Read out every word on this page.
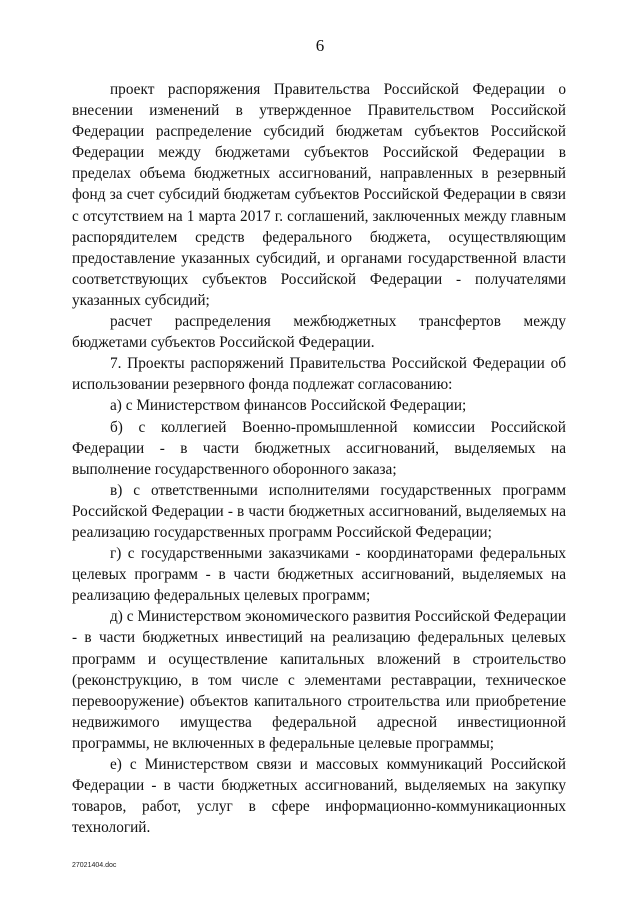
6

проект распоряжения Правительства Российской Федерации о внесении изменений в утвержденное Правительством Российской Федерации распределение субсидий бюджетам субъектов Российской Федерации между бюджетами субъектов Российской Федерации в пределах объема бюджетных ассигнований, направленных в резервный фонд за счет субсидий бюджетам субъектов Российской Федерации в связи с отсутствием на 1 марта 2017 г. соглашений, заключенных между главным распорядителем средств федерального бюджета, осуществляющим предоставление указанных субсидий, и органами государственной власти соответствующих субъектов Российской Федерации - получателями указанных субсидий;

расчет распределения межбюджетных трансфертов между бюджетами субъектов Российской Федерации.

7. Проекты распоряжений Правительства Российской Федерации об использовании резервного фонда подлежат согласованию:

а) с Министерством финансов Российской Федерации;

б) с коллегией Военно-промышленной комиссии Российской Федерации - в части бюджетных ассигнований, выделяемых на выполнение государственного оборонного заказа;

в) с ответственными исполнителями государственных программ Российской Федерации - в части бюджетных ассигнований, выделяемых на реализацию государственных программ Российской Федерации;

г) с государственными заказчиками - координаторами федеральных целевых программ - в части бюджетных ассигнований, выделяемых на реализацию федеральных целевых программ;

д) с Министерством экономического развития Российской Федерации - в части бюджетных инвестиций на реализацию федеральных целевых программ и осуществление капитальных вложений в строительство (реконструкцию, в том числе с элементами реставрации, техническое перевооружение) объектов капитального строительства или приобретение недвижимого имущества федеральной адресной инвестиционной программы, не включенных в федеральные целевые программы;

е) с Министерством связи и массовых коммуникаций Российской Федерации - в части бюджетных ассигнований, выделяемых на закупку товаров, работ, услуг в сфере информационно-коммуникационных технологий.

27021404.doc
